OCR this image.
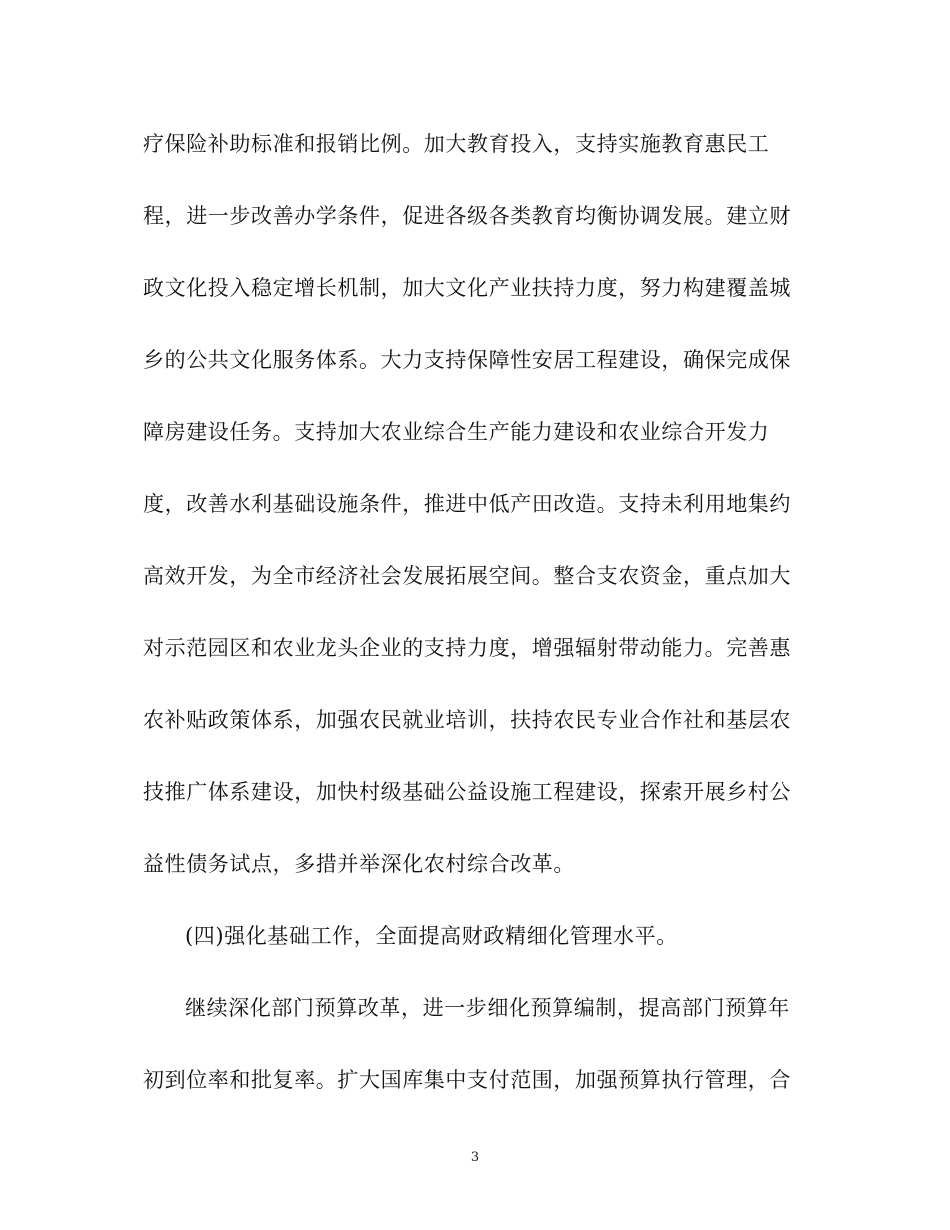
疗保险补助标准和报销比例。加大教育投入，支持实施教育惠民工
程，进一步改善办学条件，促进各级各类教育均衡协调发展。建立财
政文化投入稳定增长机制，加大文化产业扶持力度，努力构建覆盖城
乡的公共文化服务体系。大力支持保障性安居工程建设，确保完成保
障房建设任务。支持加大农业综合生产能力建设和农业综合开发力
度，改善水利基础设施条件，推进中低产田改造。支持未利用地集约
高效开发，为全市经济社会发展拓展空间。整合支农资金，重点加大
对示范园区和农业龙头企业的支持力度，增强辐射带动能力。完善惠
农补贴政策体系，加强农民就业培训，扶持农民专业合作社和基层农
技推广体系建设，加快村级基础公益设施工程建设，探索开展乡村公
益性债务试点，多措并举深化农村综合改革。
(四)强化基础工作，全面提高财政精细化管理水平。
继续深化部门预算改革，进一步细化预算编制，提高部门预算年
初到位率和批复率。扩大国库集中支付范围，加强预算执行管理，合
3
